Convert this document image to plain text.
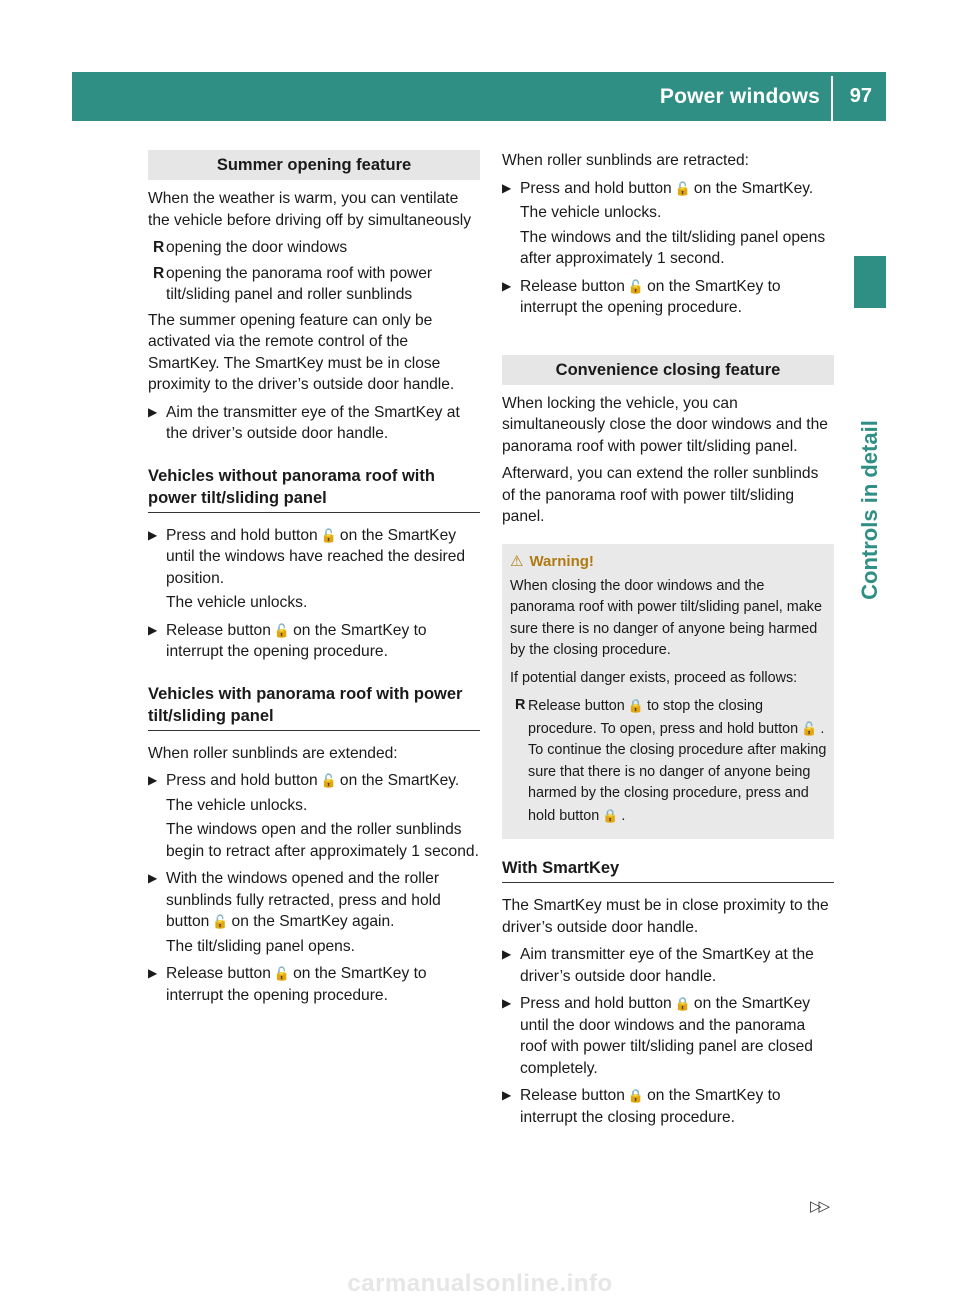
Power windows 97
Controls in detail
Summer opening feature

When the weather is warm, you can ventilate the vehicle before driving off by simultaneously

R opening the door windows
R opening the panorama roof with power tilt/sliding panel and roller sunblinds

The summer opening feature can only be activated via the remote control of the SmartKey. The SmartKey must be in close proximity to the driver’s outside door handle.

▶ Aim the transmitter eye of the SmartKey at the driver’s outside door handle.
Vehicles without panorama roof with power tilt/sliding panel
▶ Press and hold button 🔓 on the SmartKey until the windows have reached the desired position.
The vehicle unlocks.
▶ Release button 🔓 on the SmartKey to interrupt the opening procedure.
Vehicles with panorama roof with power tilt/sliding panel

When roller sunblinds are extended:

▶ Press and hold button 🔓 on the SmartKey.
The vehicle unlocks.
The windows open and the roller sunblinds begin to retract after approximately 1 second.
▶ With the windows opened and the roller sunblinds fully retracted, press and hold button 🔓 on the SmartKey again.
The tilt/sliding panel opens.
▶ Release button 🔓 on the SmartKey to interrupt the opening procedure.

When roller sunblinds are retracted:

▶ Press and hold button 🔓 on the SmartKey.
The vehicle unlocks.
The windows and the tilt/sliding panel opens after approximately 1 second.
▶ Release button 🔓 on the SmartKey to interrupt the opening procedure.
Convenience closing feature

When locking the vehicle, you can simultaneously close the door windows and the panorama roof with power tilt/sliding panel.

Afterward, you can extend the roller sunblinds of the panorama roof with power tilt/sliding panel.

⚠ Warning!

When closing the door windows and the panorama roof with power tilt/sliding panel, make sure there is no danger of anyone being harmed by the closing procedure.

If potential danger exists, proceed as follows:

R Release button 🔒 to stop the closing procedure. To open, press and hold button 🔓 . To continue the closing procedure after making sure that there is no danger of anyone being harmed by the closing procedure, press and hold button 🔒 .
With SmartKey

The SmartKey must be in close proximity to the driver’s outside door handle.

▶ Aim transmitter eye of the SmartKey at the driver’s outside door handle.
▶ Press and hold button 🔒 on the SmartKey until the door windows and the panorama roof with power tilt/sliding panel are closed completely.
▶ Release button 🔒 on the SmartKey to interrupt the closing procedure.
▷▷
carmanualsonline.info
